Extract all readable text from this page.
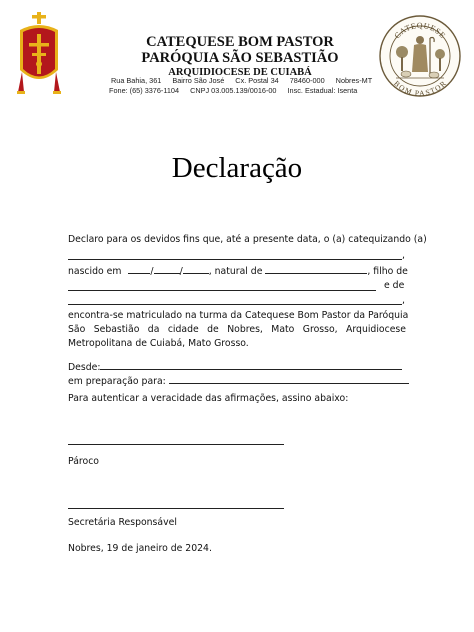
CATEQUESE BOM PASTOR
PARÓQUIA SÃO SEBASTIÃO
ARQUIDIOCESE DE CUIABÁ
Rua Bahia, 361 Bairro São José Cx. Postal 34 78460-000 Nobres-MT
Fone: (65) 3376-1104 CNPJ 03.005.139/0016-00 Insc. Estadual: Isenta
CATEQUESE
BOM PASTOR
Declaração
Declaro para os devidos fins que, até a presente data, o (a) catequizando (a)
,
nascido em	/	/	, natural de	, filho de
e de
,
encontra-se matriculado na turma da Catequese Bom Pastor da Paróquia
São Sebastião da cidade de Nobres, Mato Grosso, Arquidiocese
Metropolitana de Cuiabá, Mato Grosso.
Desde:
em preparação para:
Para autenticar a veracidade das afirmações, assino abaixo:
Pároco
Secretária Responsável
Nobres, 19 de janeiro de 2024.
